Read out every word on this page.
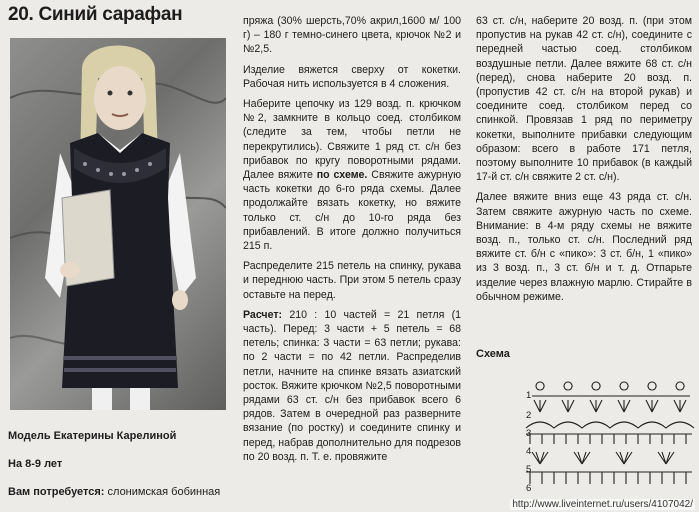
20. Синий сарафан
Модель Екатерины Карелиной
На 8-9 лет
Вам потребуется: слонимская бобинная

пряжа (30% шерсть,70% акрил,1600 м/ 100 г) – 180 г темно-синего цвета, крючок №2 и №2,5.

Изделие вяжется сверху от кокетки. Рабочая нить используется в 4 сложения.

Наберите цепочку из 129 возд. п. крючком №2, замкните в кольцо соед. столбиком (следите за тем, чтобы петли не перекрутились). Свяжите 1 ряд ст. с/н без прибавок по кругу поворотными рядами. Далее вяжите по схеме. Свяжите ажурную часть кокетки до 6-го ряда схемы. Далее продолжайте вязать кокетку, но вяжите только ст. с/н до 10-го ряда без прибавлений. В итоге должно получиться 215 п.

Распределите 215 петель на спинку, рукава и переднюю часть. При этом 5 петель сразу оставьте на перед.

Расчет: 210 : 10 частей = 21 петля (1 часть). Перед: 3 части + 5 петель = 68 петель; спинка: 3 части = 63 петли; рукава: по 2 части = по 42 петли. Распределив петли, начните на спинке вязать азиатский росток. Вяжите крючком №2,5 поворотными рядами 63 ст. с/н без прибавок всего 6 рядов. Затем в очередной раз разверните вязание (по ростку) и соедините спинку и перед, набрав дополнительно для подрезов по 20 возд. п. Т. е. провяжите

63 ст. с/н, наберите 20 возд. п. (при этом пропустив на рукав 42 ст. с/н), соедините с передней частью соед. столбиком воздушные петли. Далее вяжите 68 ст. с/н (перед), снова наберите 20 возд. п. (пропустив 42 ст. с/н на второй рукав) и соедините соед. столбиком перед со спинкой. Провязав 1 ряд по периметру кокетки, выполните прибавки следующим образом: всего в работе 171 петля, поэтому выполните 10 прибавок (в каждый 17-й ст. с/н свяжите 2 ст. с/н).

Далее вяжите вниз еще 43 ряда ст. с/н. Затем свяжите ажурную часть по схеме. Внимание: в 4-м ряду схемы не вяжите возд. п., только ст. с/н. Последний ряд вяжите ст. б/н с «пико»: 3 ст. б/н, 1 «пико» из 3 возд. п., 3 ст. б/н и т. д. Отпарьте изделие через влажную марлю. Стирайте в обычном режиме.

Схема
1
2
3
4
5
6
http://www.liveinternet.ru/users/4107042/
